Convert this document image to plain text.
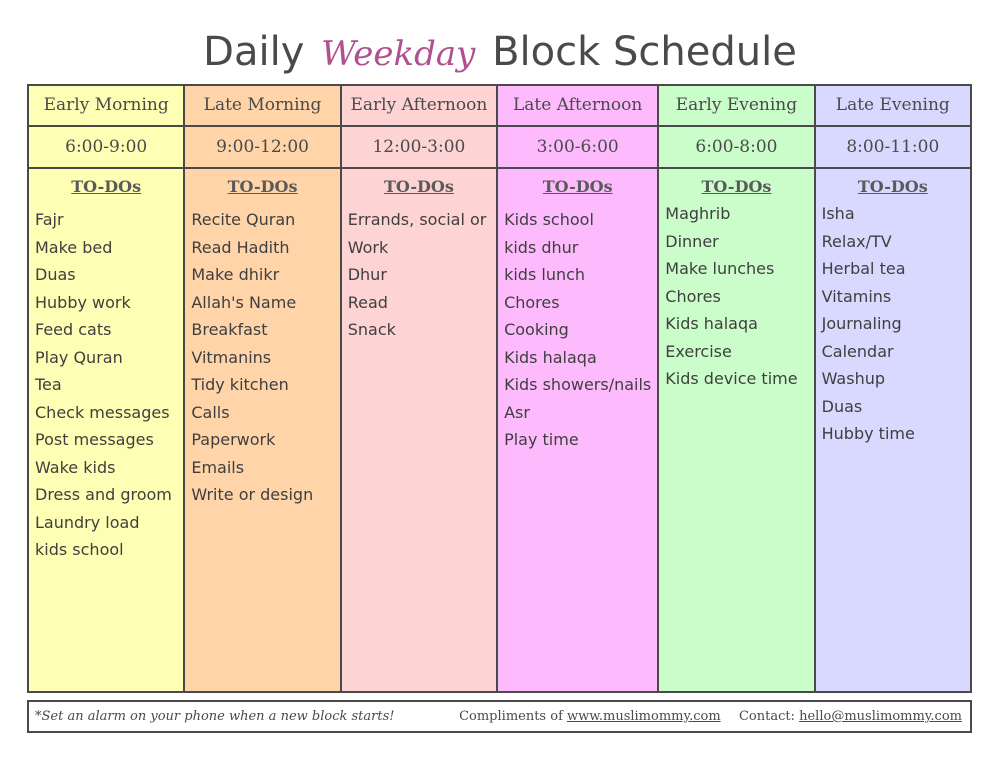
Daily Weekday Block Schedule
Early Morning
6:00-9:00
TO-DOs
Fajr
Make bed
Duas
Hubby work
Feed cats
Play Quran
Tea
Check messages
Post messages
Wake kids
Dress and groom
Laundry load
kids school
Late Morning
9:00-12:00
TO-DOs
Recite Quran
Read Hadith
Make dhikr
Allah's Name
Breakfast
Vitmanins
Tidy kitchen
Calls
Paperwork
Emails
Write or design
Early Afternoon
12:00-3:00
TO-DOs
Errands, social or
Work
Dhur
Read
Snack
Late Afternoon
3:00-6:00
TO-DOs
Kids school
kids dhur
kids lunch
Chores
Cooking
Kids halaqa
Kids showers/nails
Asr
Play time
Early Evening
6:00-8:00
TO-DOs
Maghrib
Dinner
Make lunches
Chores
Kids halaqa
Exercise
Kids device time
Late Evening
8:00-11:00
TO-DOs
Isha
Relax/TV
Herbal tea
Vitamins
Journaling
Calendar
Washup
Duas
Hubby time
*Set an alarm on your phone when a new block starts!	Compliments of www.muslimommy.com Contact: hello@muslimommy.com
